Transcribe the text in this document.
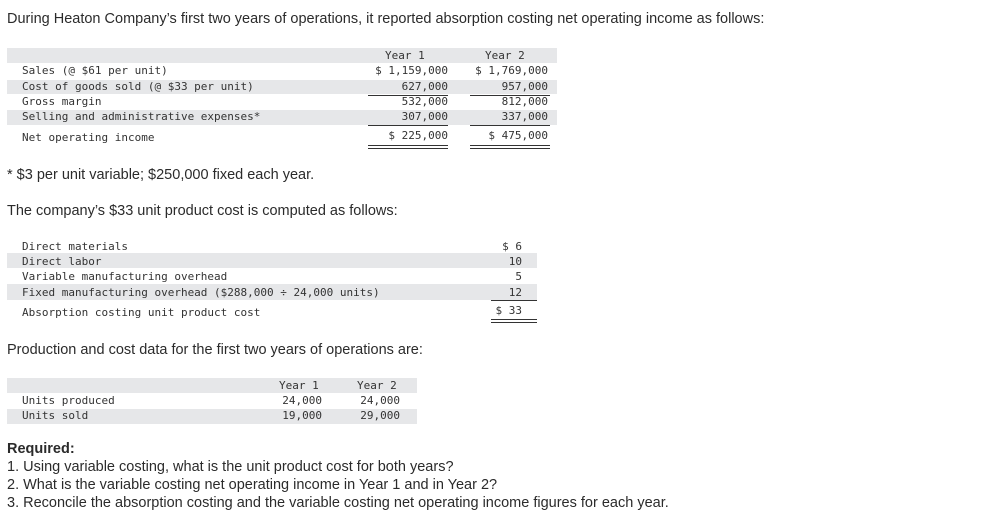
During Heaton Company’s first two years of operations, it reported absorption costing net operating income as follows:
Year 1	Year 2
Sales (@ $61 per unit)	$ 1,159,000 $ 1,769,000
Cost of goods sold (@ $33 per unit)	627,000	957,000
Gross margin	532,000	812,000
Selling and administrative expenses*	307,000	337,000
Net operating income	$ 225,000	$ 475,000
* $3 per unit variable; $250,000 fixed each year.
The company’s $33 unit product cost is computed as follows:
Direct materials	$ 6
Direct labor	10
Variable manufacturing overhead	5
Fixed manufacturing overhead ($288,000 ÷ 24,000 units)	12
Absorption costing unit product cost	$ 33
Production and cost data for the first two years of operations are:
Year 1	Year 2
Units produced	24,000	24,000
Units sold	19,000	29,000
Required:
1. Using variable costing, what is the unit product cost for both years?
2. What is the variable costing net operating income in Year 1 and in Year 2?
3. Reconcile the absorption costing and the variable costing net operating income figures for each year.
